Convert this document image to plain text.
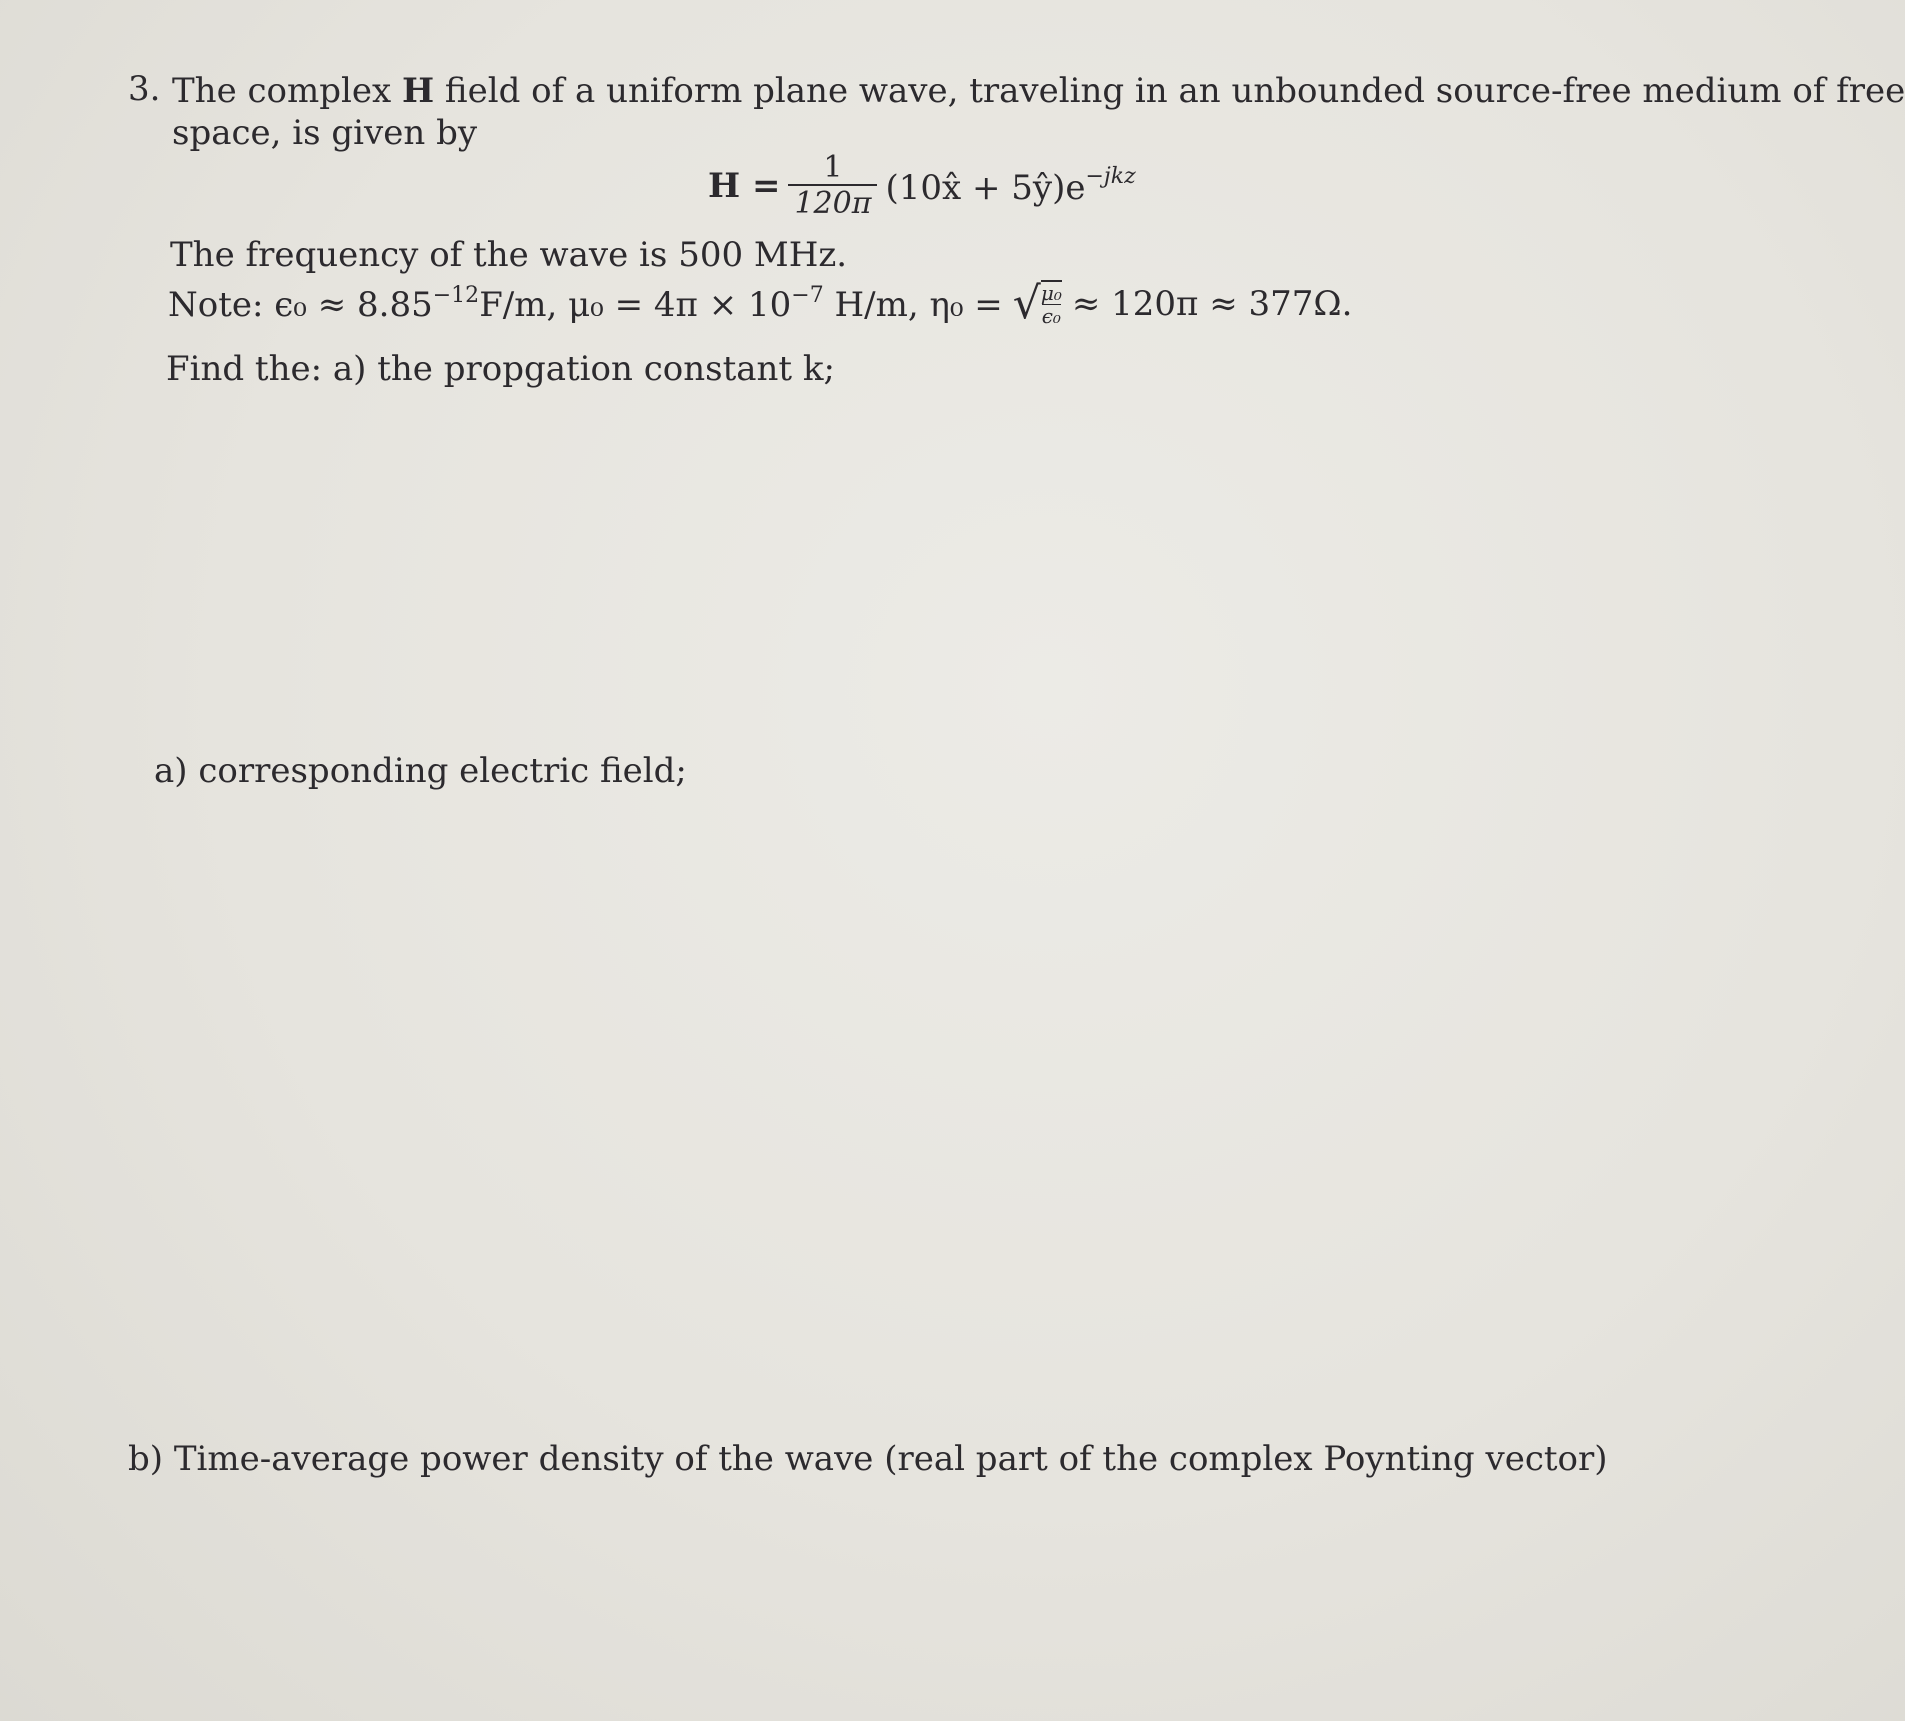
3. The complex H field of a uniform plane wave, traveling in an unbounded source-free medium of free
space, is given by
$H = \frac{1}{120\pi}$ (10x̂ + $5ŷ)e^{-jkz}$
The frequency of the wave is 500 MHz.
Note: $\epsilon_0 \approx 8.85^{-12}F/m$, $\mu_0 = 4\pi \times 10^{-7}$ H/m, η₀ = √ $\frac{\text{μ₀}}{\text{ϵ₀}} \approx 120\pi \approx 377\Omega$.
Find the: a) the propgation constant k;
a) corresponding electric field;
b) Time-average power density of the wave (real part of the complex Poynting vector)
